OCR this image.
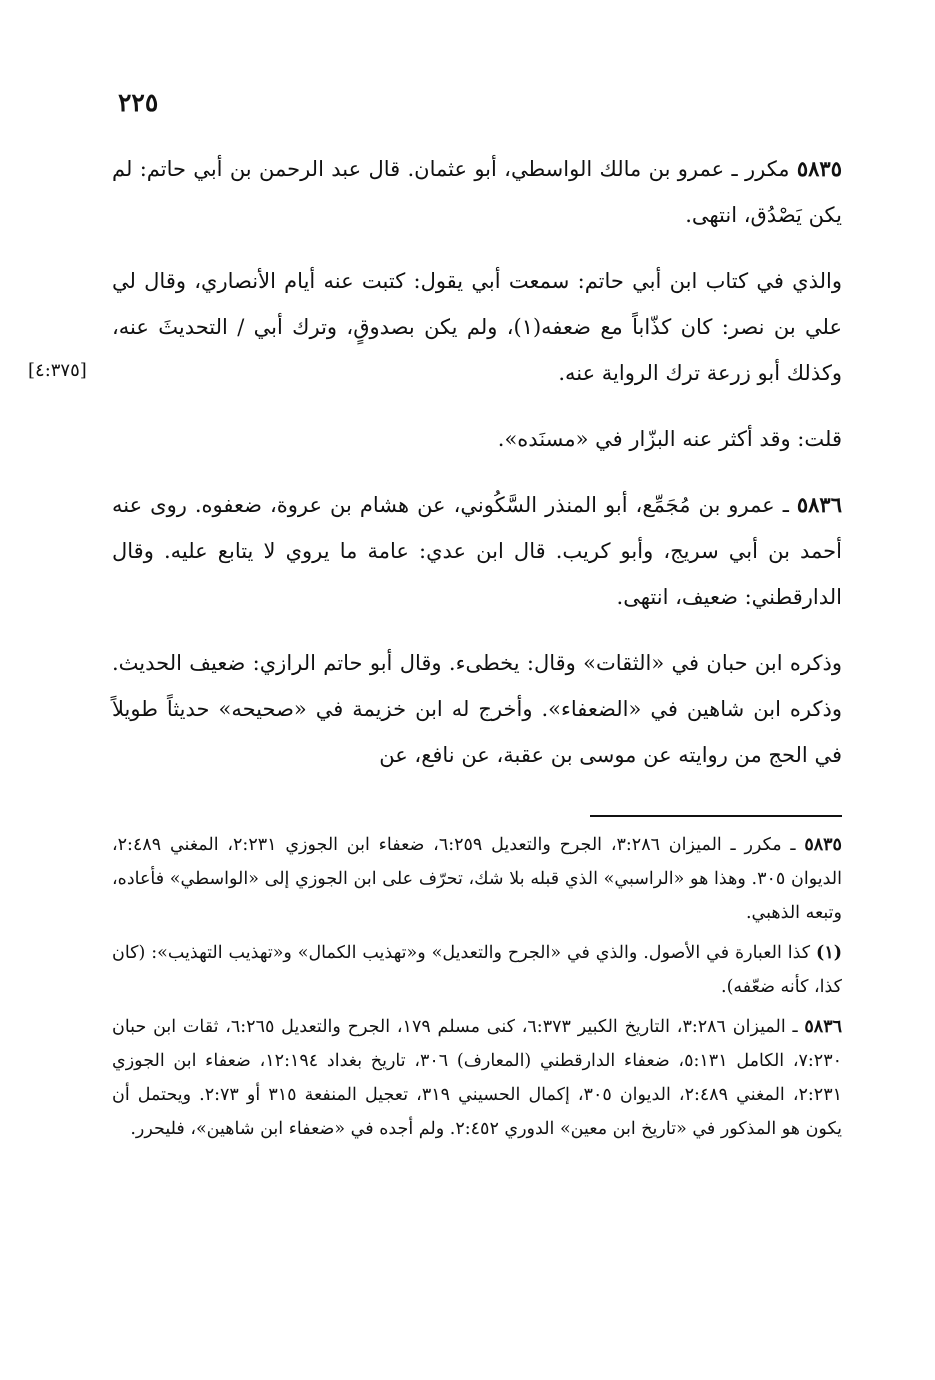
٢٢٥

٥٨٣٥ مكرر ـ عمرو بن مالك الواسطي، أبو عثمان. قال عبد الرحمن بن أبي حاتم: لم يكن يَصْدُق، انتهى.

والذي في كتاب ابن أبي حاتم: سمعت أبي يقول: كتبت عنه أيام الأنصاري، وقال لي علي بن نصر: كان كذّاباً مع ضعفه(١)، ولم يكن بصدوقٍ، وترك أبي / التحديثَ عنه، وكذلك أبو زرعة ترك الرواية عنه.

قلت: وقد أكثر عنه البزّار في «مسنَده».

٥٨٣٦ ـ عمرو بن مُجَمِّع، أبو المنذر السَّكُوني، عن هشام بن عروة، ضعفوه. روى عنه أحمد بن أبي سريج، وأبو كريب. قال ابن عدي: عامة ما يروي لا يتابع عليه. وقال الدارقطني: ضعيف، انتهى.

وذكره ابن حبان في «الثقات» وقال: يخطىء. وقال أبو حاتم الرازي: ضعيف الحديث. وذكره ابن شاهين في «الضعفاء». وأخرج له ابن خزيمة في «صحيحه» حديثاً طويلاً في الحج من روايته عن موسى بن عقبة، عن نافع، عن

[٤:٣٧٥]
٥٨٣٥ ـ مكرر ـ الميزان ٣:٢٨٦، الجرح والتعديل ٦:٢٥٩، ضعفاء ابن الجوزي ٢:٢٣١، المغني ٢:٤٨٩، الديوان ٣٠٥. وهذا هو «الراسبي» الذي قبله بلا شك، تحرّف على ابن الجوزي إلى «الواسطي» فأعاده، وتبعه الذهبي.
(١) كذا العبارة في الأصول. والذي في «الجرح والتعديل» و«تهذيب الكمال» و«تهذيب التهذيب»: (كان كذا، كأنه ضعّفه).
٥٨٣٦ ـ الميزان ٣:٢٨٦، التاريخ الكبير ٦:٣٧٣، كنى مسلم ١٧٩، الجرح والتعديل ٦:٢٦٥، ثقات ابن حبان ٧:٢٣٠، الكامل ٥:١٣١، ضعفاء الدارقطني (المعارف) ٣٠٦، تاريخ بغداد ١٢:١٩٤، ضعفاء ابن الجوزي ٢:٢٣١، المغني ٢:٤٨٩، الديوان ٣٠٥، إكمال الحسيني ٣١٩، تعجيل المنفعة ٣١٥ أو ٢:٧٣. ويحتمل أن يكون هو المذكور في «تاريخ ابن معين» الدوري ٢:٤٥٢. ولم أجده في «ضعفاء ابن شاهين»، فليحرر.
